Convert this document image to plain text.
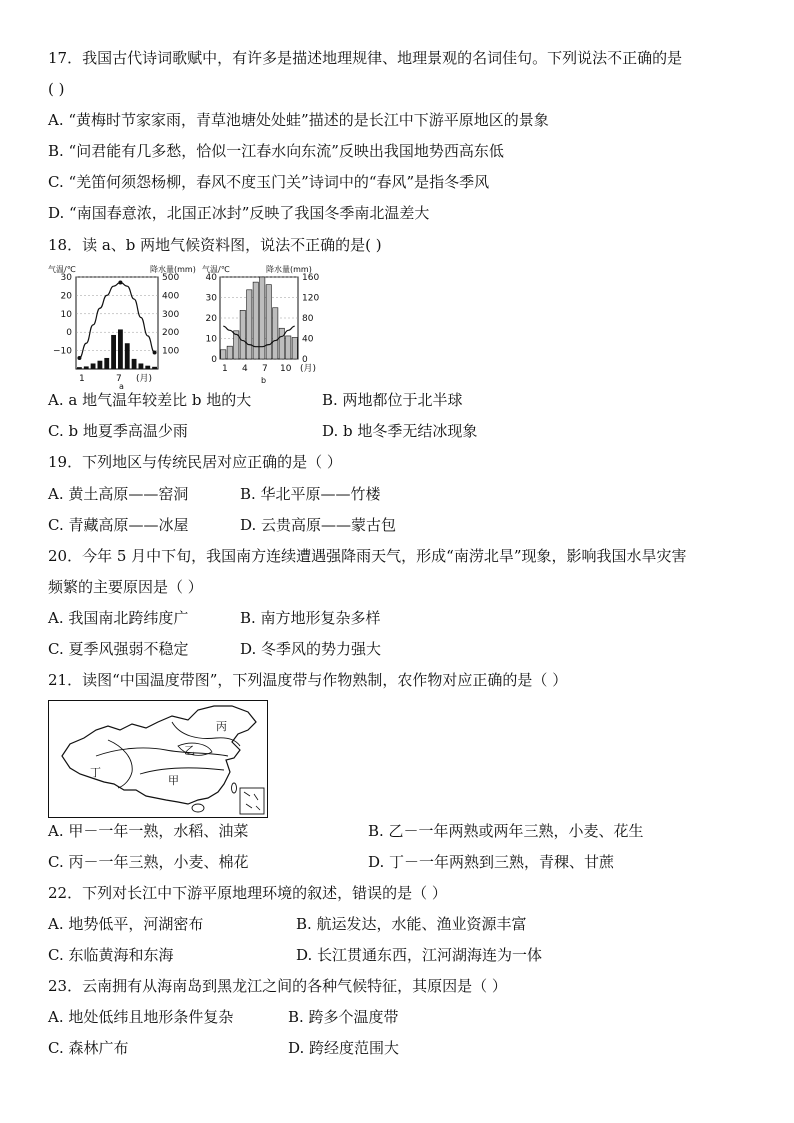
17．我国古代诗词歌赋中，有许多是描述地理规律、地理景观的名词佳句。下列说法不正确的是
( )
A. “黄梅时节家家雨，青草池塘处处蛙”描述的是长江中下游平原地区的景象
B. “问君能有几多愁，恰似一江春水向东流”反映出我国地势西高东低
C. “羌笛何须怨杨柳，春风不度玉门关”诗词中的“春风”是指冬季风
D. “南国春意浓，北国正冰封”反映了我国冬季南北温差大
18．读 a、b 两地气候资料图，说法不正确的是( )
气温/℃	降水量(mm)
30
20
10
0
−10
500
400
300
200
100
1	7 (月)
a
气温/℃	降水量(mm)
40
30
20
10
0
160
120
80
40
0
1 4 7 10 (月)
b
A. a 地气温年较差比 b 地的大	B. 两地都位于北半球
C. b 地夏季高温少雨	D. b 地冬季无结冰现象
19．下列地区与传统民居对应正确的是（ ）
A. 黄土高原——窑洞	B. 华北平原——竹楼
C. 青藏高原——冰屋	D. 云贵高原——蒙古包
20．今年 5 月中下旬，我国南方连续遭遇强降雨天气，形成“南涝北旱”现象，影响我国水旱灾害
频繁的主要原因是（ ）
A. 我国南北跨纬度广	B. 南方地形复杂多样
C. 夏季风强弱不稳定	D. 冬季风的势力强大
21．读图“中国温度带图”，下列温度带与作物熟制，农作物对应正确的是（ ）
丙
乙
丁
甲
A. 甲－一年一熟，水稻、油菜	B. 乙－一年两熟或两年三熟，小麦、花生
C. 丙－一年三熟，小麦、棉花	D. 丁－一年两熟到三熟，青稞、甘蔗
22．下列对长江中下游平原地理环境的叙述，错误的是（ ）
A. 地势低平，河湖密布	B. 航运发达，水能、渔业资源丰富
C. 东临黄海和东海	D. 长江贯通东西，江河湖海连为一体
23．云南拥有从海南岛到黑龙江之间的各种气候特征，其原因是（ ）
A. 地处低纬且地形条件复杂	B. 跨多个温度带
C. 森林广布	D. 跨经度范围大
